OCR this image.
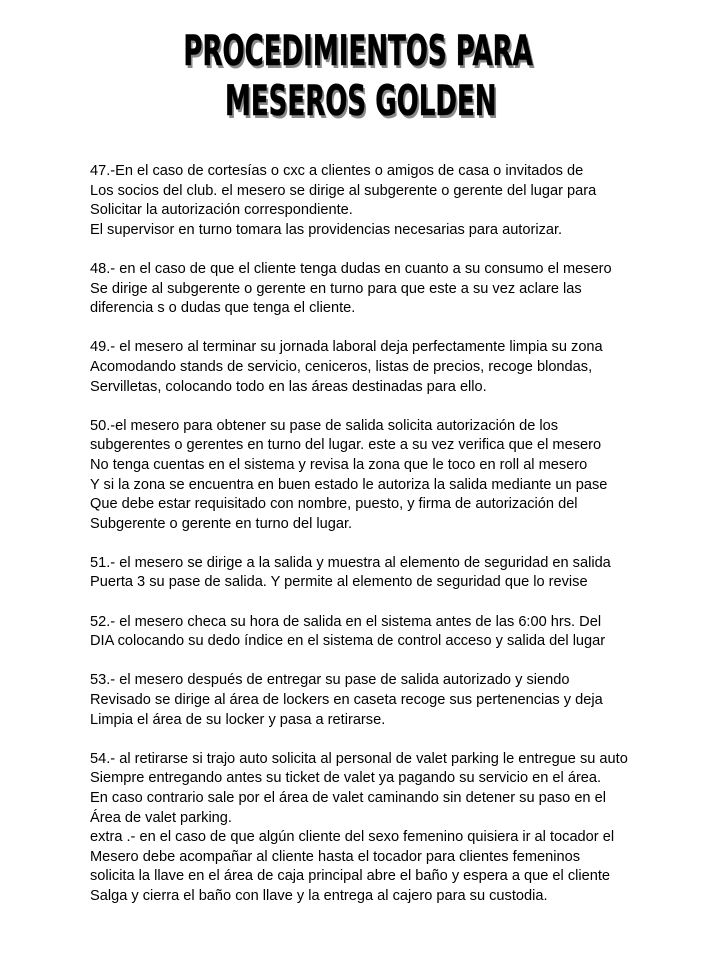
PROCEDIMIENTOS PARA
MESEROS GOLDEN
47.-En el caso de cortesías o cxc a clientes o amigos de casa o invitados de
Los socios del club. el mesero se dirige al subgerente o gerente del lugar para
Solicitar la autorización correspondiente.
El supervisor en turno tomara las providencias necesarias para autorizar.
48.- en el caso de que el cliente tenga dudas en cuanto a su consumo el mesero
Se dirige al subgerente o gerente en turno para que este a su vez aclare las
diferencia s o dudas que tenga el cliente.
49.- el mesero al terminar su jornada laboral deja perfectamente limpia su zona
Acomodando stands de servicio, ceniceros, listas de precios, recoge blondas,
Servilletas, colocando todo en las áreas destinadas para ello.
50.-el mesero para obtener su pase de salida solicita autorización de los
subgerentes o gerentes en turno del lugar. este a su vez verifica que el mesero
No tenga cuentas en el sistema y revisa la zona que le toco en roll al mesero
Y si la zona se encuentra en buen estado le autoriza la salida mediante un pase
Que debe estar requisitado con nombre, puesto, y firma de autorización del
Subgerente o gerente en turno del lugar.
51.- el mesero se dirige a la salida y muestra al elemento de seguridad en salida
Puerta 3 su pase de salida. Y permite al elemento de seguridad que lo revise
52.- el mesero checa su hora de salida en el sistema antes de las 6:00 hrs. Del
DIA colocando su dedo índice en el sistema de control acceso y salida del lugar
53.- el mesero después de entregar su pase de salida autorizado y siendo
Revisado se dirige al área de lockers en caseta recoge sus pertenencias y deja
Limpia el área de su locker y pasa a retirarse.
54.- al retirarse si trajo auto solicita al personal de valet parking le entregue su auto
Siempre entregando antes su ticket de valet ya pagando su servicio en el área.
En caso contrario sale por el área de valet caminando sin detener su paso en el
Área de valet parking.
extra .- en el caso de que algún cliente del sexo femenino quisiera ir al tocador el
Mesero debe acompañar al cliente hasta el tocador para clientes femeninos
solicita la llave en el área de caja principal abre el baño y espera a que el cliente
Salga y cierra el baño con llave y la entrega al cajero para su custodia.
